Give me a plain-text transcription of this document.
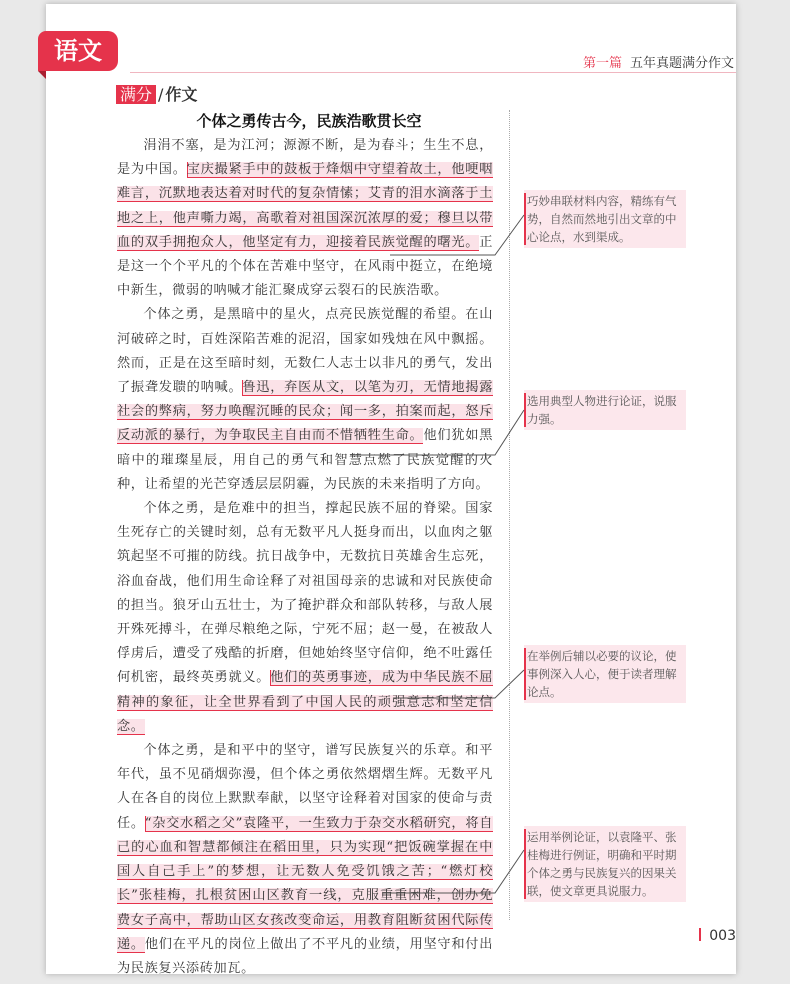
语文	第一篇 五年真题满分作文
满分 / 作文
个体之勇传古今，民族浩歌贯长空

涓涓不塞，是为江河；源源不断，是为春斗；生生不息，是为中国。宝庆撮紧手中的鼓板于烽烟中守望着故土，他哽咽难言，沉默地表达着对时代的复杂情愫；艾青的泪水滴落于土地之上，他声嘶力竭，高歌着对祖国深沉浓厚的爱；穆旦以带血的双手拥抱众人，他坚定有力，迎接着民族觉醒的曙光。正是这一个个平凡的个体在苦难中坚守，在风雨中挺立，在绝境中新生，微弱的呐喊才能汇聚成穿云裂石的民族浩歌。

个体之勇，是黑暗中的星火，点亮民族觉醒的希望。在山河破碎之时，百姓深陷苦难的泥沼，国家如残烛在风中飘摇。然而，正是在这至暗时刻，无数仁人志士以非凡的勇气，发出了振聋发聩的呐喊。鲁迅，弃医从文，以笔为刃，无情地揭露社会的弊病，努力唤醒沉睡的民众；闻一多，拍案而起，怒斥反动派的暴行，为争取民主自由而不惜牺牲生命。他们犹如黑暗中的璀璨星辰，用自己的勇气和智慧点燃了民族觉醒的火种，让希望的光芒穿透层层阴霾，为民族的未来指明了方向。

个体之勇，是危难中的担当，撑起民族不屈的脊梁。国家生死存亡的关键时刻，总有无数平凡人挺身而出，以血肉之躯筑起坚不可摧的防线。抗日战争中，无数抗日英雄舍生忘死，浴血奋战，他们用生命诠释了对祖国母亲的忠诚和对民族使命的担当。狼牙山五壮士，为了掩护群众和部队转移，与敌人展开殊死搏斗，在弹尽粮绝之际，宁死不屈；赵一曼，在被敌人俘虏后，遭受了残酷的折磨，但她始终坚守信仰，绝不吐露任何机密，最终英勇就义。他们的英勇事迹，成为中华民族不屈精神的象征，让全世界看到了中国人民的顽强意志和坚定信念。

个体之勇，是和平中的坚守，谱写民族复兴的乐章。和平年代，虽不见硝烟弥漫，但个体之勇依然熠熠生辉。无数平凡人在各自的岗位上默默奉献，以坚守诠释着对国家的使命与责任。“杂交水稻之父”袁隆平，一生致力于杂交水稻研究，将自己的心血和智慧都倾注在稻田里，只为实现“把饭碗掌握在中国人自己手上”的梦想，让无数人免受饥饿之苦；“燃灯校长”张桂梅，扎根贫困山区教育一线，克服重重困难，创办免费女子高中，帮助山区女孩改变命运，用教育阻断贫困代际传递。他们在平凡的岗位上做出了不平凡的业绩，用坚守和付出为民族复兴添砖加瓦。

巧妙串联材料内容，精练有气势，自然而然地引出文章的中心论点，水到渠成。
选用典型人物进行论证，说服力强。
在举例后辅以必要的议论，使事例深入人心，便于读者理解论点。
运用举例论证，以袁隆平、张桂梅进行例证，明确和平时期个体之勇与民族复兴的因果关联，使文章更具说服力。
003
